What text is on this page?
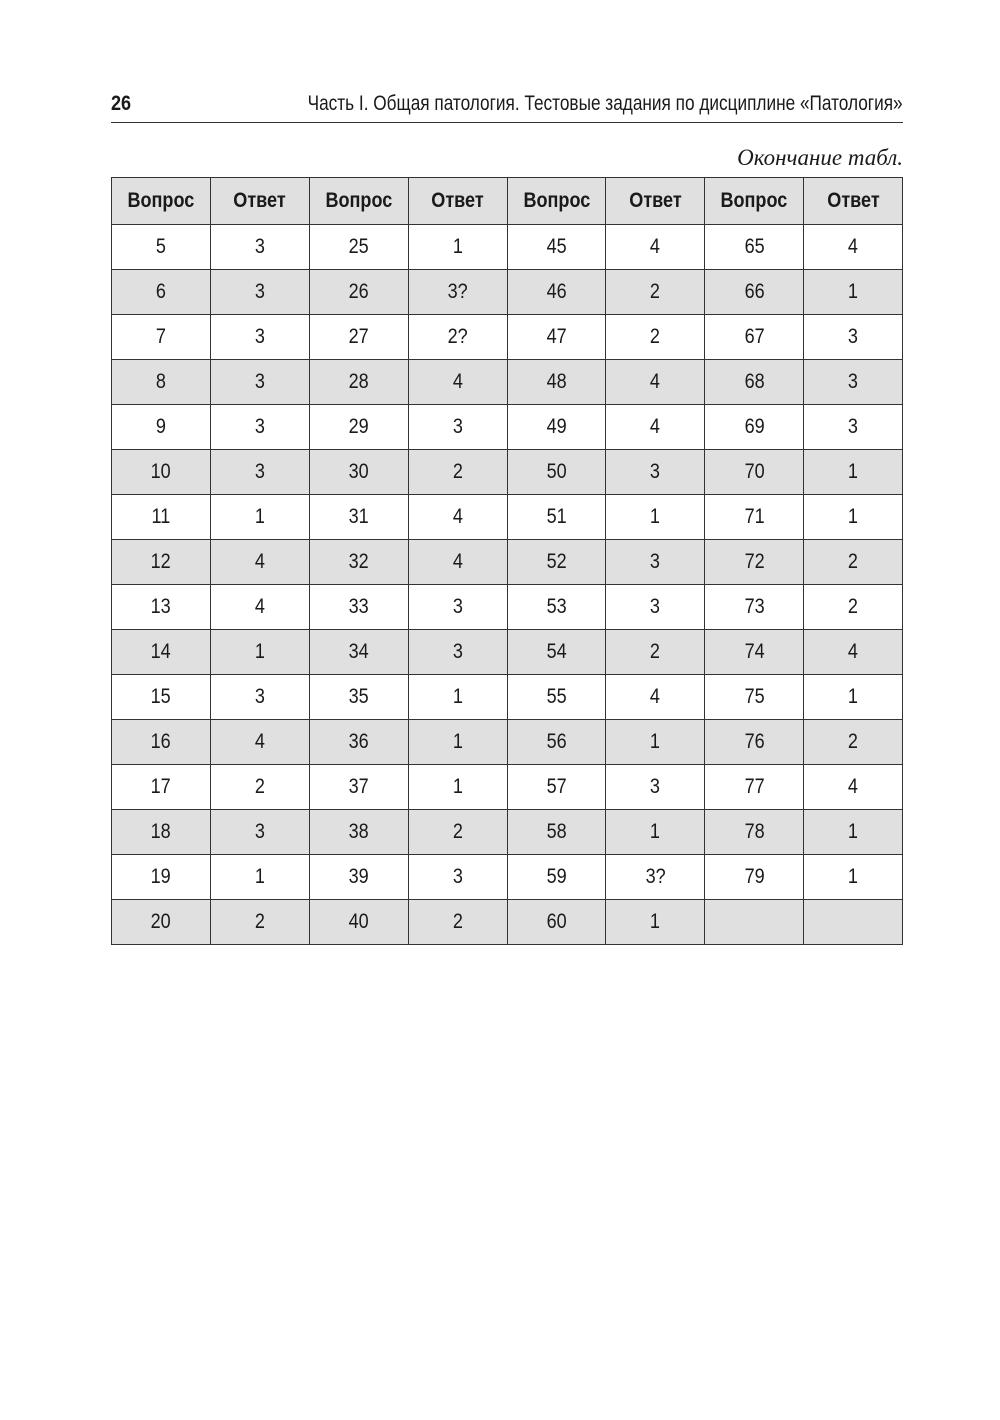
26	Часть I. Общая патология. Тестовые задания по дисциплине «Патология»
Окончание табл.
Вопрос	Ответ	Вопрос	Ответ	Вопрос	Ответ	Вопрос	Ответ
5	3	25	1	45	4	65	4
6	3	26	3?	46	2	66	1
7	3	27	2?	47	2	67	3
8	3	28	4	48	4	68	3
9	3	29	3	49	4	69	3
10	3	30	2	50	3	70	1
11	1	31	4	51	1	71	1
12	4	32	4	52	3	72	2
13	4	33	3	53	3	73	2
14	1	34	3	54	2	74	4
15	3	35	1	55	4	75	1
16	4	36	1	56	1	76	2
17	2	37	1	57	3	77	4
18	3	38	2	58	1	78	1
19	1	39	3	59	3?	79	1
20	2	40	2	60	1		
